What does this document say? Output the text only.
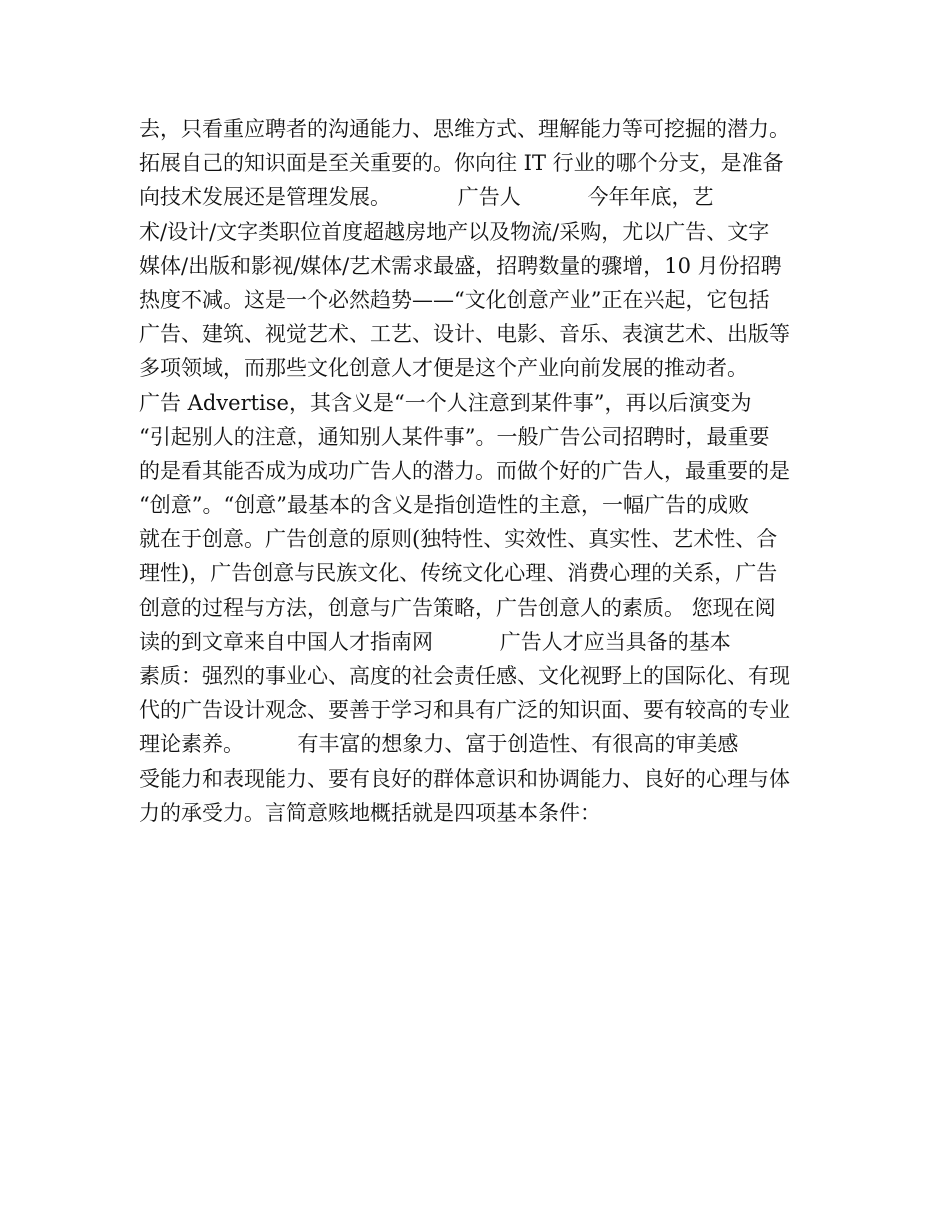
去，只看重应聘者的沟通能力、思维方式、理解能力等可挖掘的潜力。
拓展自己的知识面是至关重要的。你向往 IT 行业的哪个分支，是准备
向技术发展还是管理发展。          广告人          今年年底，艺
术/设计/文字类职位首度超越房地产以及物流/采购，尤以广告、文字
媒体/出版和影视/媒体/艺术需求最盛，招聘数量的骤增，10 月份招聘
热度不减。这是一个必然趋势——“文化创意产业”正在兴起，它包括
广告、建筑、视觉艺术、工艺、设计、电影、音乐、表演艺术、出版等
多项领域，而那些文化创意人才便是这个产业向前发展的推动者。
广告 Advertise，其含义是“一个人注意到某件事”，再以后演变为
“引起别人的注意，通知别人某件事”。一般广告公司招聘时，最重要
的是看其能否成为成功广告人的潜力。而做个好的广告人，最重要的是
“创意”。“创意”最基本的含义是指创造性的主意，一幅广告的成败
就在于创意。广告创意的原则(独特性、实效性、真实性、艺术性、合
理性)，广告创意与民族文化、传统文化心理、消费心理的关系，广告
创意的过程与方法，创意与广告策略，广告创意人的素质。 您现在阅
读的到文章来自中国人才指南网          广告人才应当具备的基本
素质：强烈的事业心、高度的社会责任感、文化视野上的国际化、有现
代的广告设计观念、要善于学习和具有广泛的知识面、要有较高的专业
理论素养。        有丰富的想象力、富于创造性、有很高的审美感
受能力和表现能力、要有良好的群体意识和协调能力、良好的心理与体
力的承受力。言简意赅地概括就是四项基本条件：
